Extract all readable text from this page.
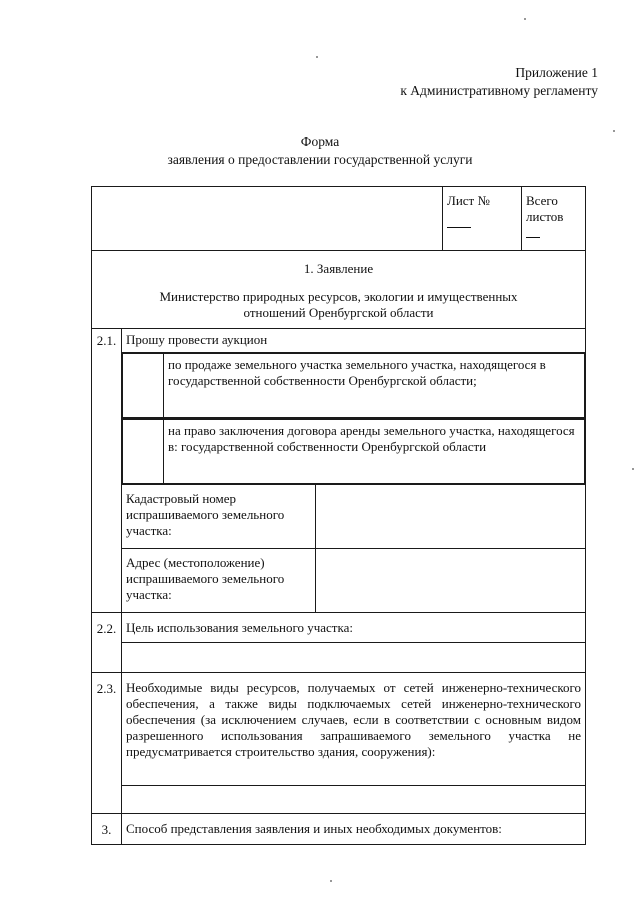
Приложение 1
к Административному регламенту
Форма
заявления о предоставлении государственной услуги
	Лист №	Всего
листов

1. Заявление
Министерство природных ресурсов, экологии и имущественных
отношений Оренбургской области

2.1.	Прошу провести аукцион

	по продаже земельного участка земельного участка, находящегося в государственной собственности Оренбургской области;

	на право заключения договора аренды земельного участка, находящегося в: государственной собственности Оренбургской области

Кадастровый номер испрашиваемого земельного участка:	
Адрес (местоположение) испрашиваемого земельного участка:	
2.2.	Цель использования земельного участка:

2.3.	Необходимые виды ресурсов, получаемых от сетей инженерно-технического обеспечения, а также виды подключаемых сетей инженерно-технического обеспечения (за исключением случаев, если в соответствии с основным видом разрешенного использования запрашиваемого земельного участка не предусматривается строительство здания, сооружения):

3.	Способ представления заявления и иных необходимых документов:
